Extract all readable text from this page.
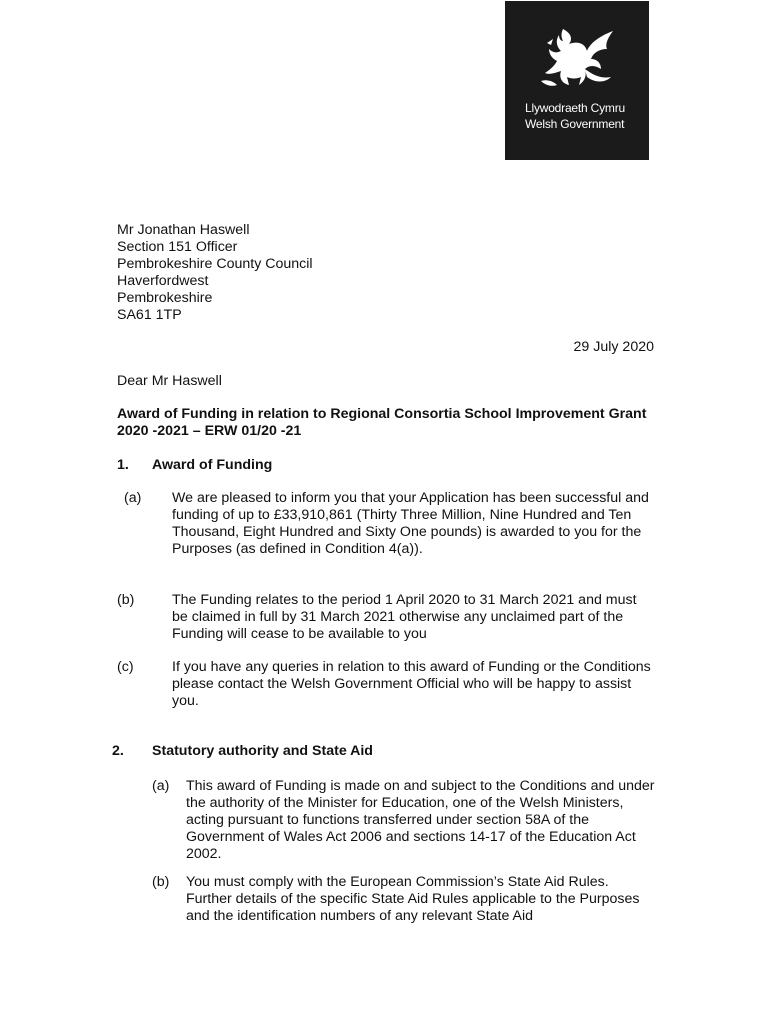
Llywodraeth Cymru
Welsh Government
Mr Jonathan Haswell
Section 151 Officer
Pembrokeshire County Council
Haverfordwest
Pembrokeshire
SA61 1TP
29 July 2020
Dear Mr Haswell
Award of Funding in relation to Regional Consortia School Improvement Grant 2020 -2021 – ERW 01/20 -21
1. Award of Funding
(a) We are pleased to inform you that your Application has been successful and funding of up to £33,910,861 (Thirty Three Million, Nine Hundred and Ten Thousand, Eight Hundred and Sixty One pounds) is awarded to you for the Purposes (as defined in Condition 4(a)).
(b)	The Funding relates to the period 1 April 2020 to 31 March 2021 and must be claimed in full by 31 March 2021 otherwise any unclaimed part of the Funding will cease to be available to you
(c)	If you have any queries in relation to this award of Funding or the Conditions please contact the Welsh Government Official who will be happy to assist you.
2. Statutory authority and State Aid
(a) This award of Funding is made on and subject to the Conditions and under the authority of the Minister for Education, one of the Welsh Ministers, acting pursuant to functions transferred under section 58A of the Government of Wales Act 2006 and sections 14-17 of the Education Act 2002.
(b) You must comply with the European Commission’s State Aid Rules. Further details of the specific State Aid Rules applicable to the Purposes and the identification numbers of any relevant State Aid
